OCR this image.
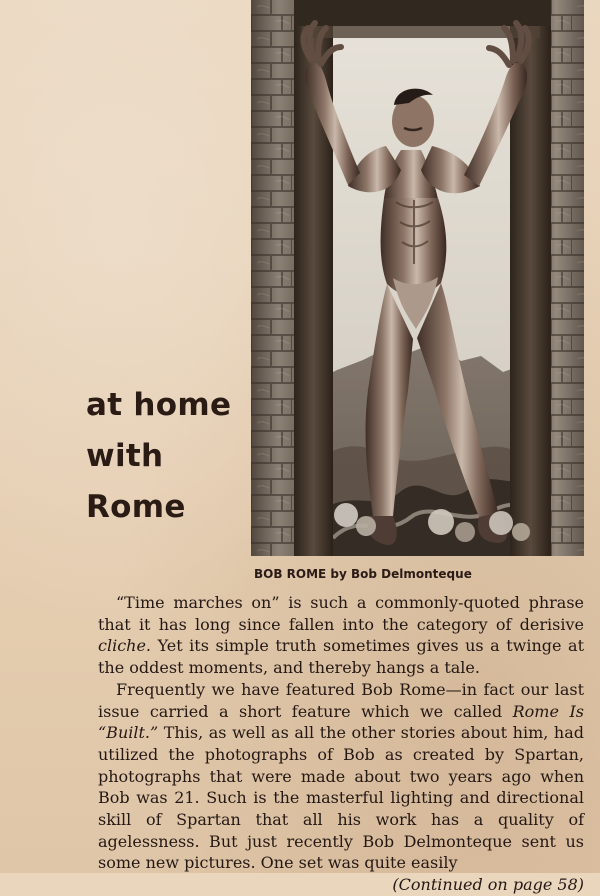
at home
with
Rome
BOB ROME by Bob Delmonteque

“Time marches on” is such a commonly-quoted phrase that it has long since fallen into the category of derisive cliche. Yet its simple truth sometimes gives us a twinge at the oddest moments, and thereby hangs a tale.

Frequently we have featured Bob Rome—in fact our last issue carried a short feature which we called Rome Is “Built.” This, as well as all the other stories about him, had utilized the photographs of Bob as created by Spartan, photographs that were made about two years ago when Bob was 21. Such is the masterful lighting and directional skill of Spartan that all his work has a quality of agelessness. But just recently Bob Delmonteque sent us some new pictures. One set was quite easily
(Continued on page 58)
